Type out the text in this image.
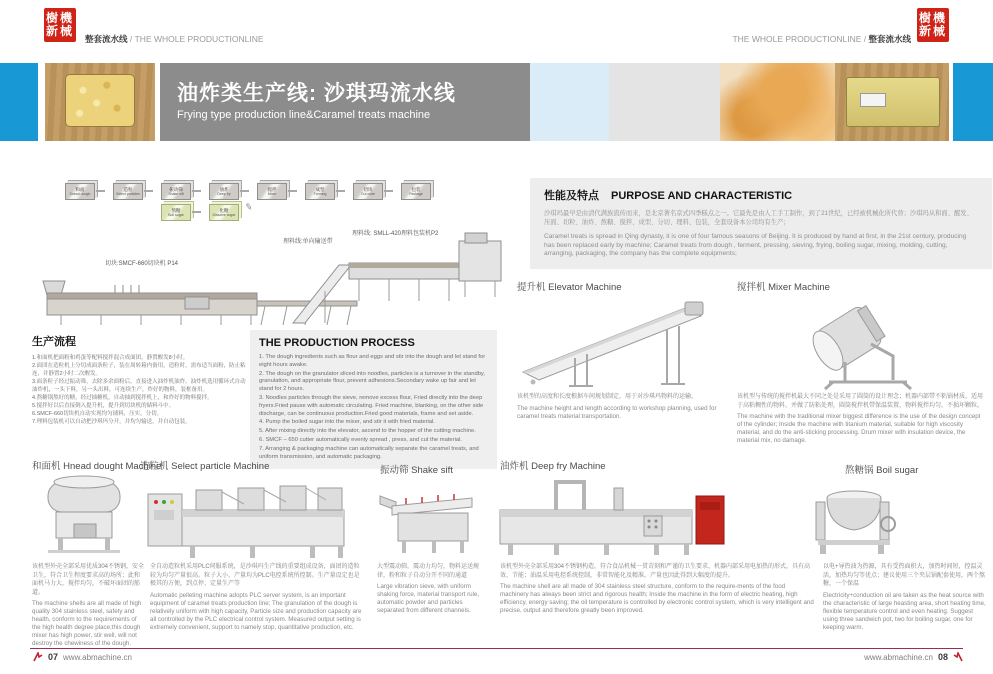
樹機
新械
整套流水线 / THE WHOLE PRODUCTIONLINE	THE WHOLE PRODUCTIONLINE / 整套流水线
樹機
新械
油炸类生产线: 沙琪玛流水线
Frying type production line&Caramel treats machine
和面
Knead dough
造粒
Select particles
振动筛
Shake sift
油炸
Deep fry
搅拌
Mixer
成型
Forming
切块
Cut cube
包装
Package
熬糖
Boil sugar
化糖
Dissolve sugar
✎
切块:SMCF-660切块机 P14
理料线:单向输送带
理料线: SMLL-420理料包装机P2
性能及特点 PURPOSE AND CHARACTERISTIC

沙琪玛最早是由清代满族流传而来，是北京著名京式四季糕点之一。它最先是由人工手工制作，到了21世纪，已经被机械化所代替；沙琪玛从和面、醒发、压面、切粒、油炸、熬糖、搅拌、成型、分切、理料、包装，全套设备本公司均有生产；

Caramel treats is spread in Qing dynasty, it is one of four famous seasons of Beijing. It is produced by hand at first, in the 21st century, producing has been replaced early by machine; Caramel treats from dough , ferment, pressing, sieving, frying, boiling sugar, mixing, molding, cutting, arranging, packaging, the company has the complete equipments;

提升机 Elevator Machine

该机型的高度和长度根据车间规划制定，用于对沙琪玛物料的运输。

The machine height and length according to workshop planning, used for caramel treats material transportation.

搅拌机 Mixer Machine

该机型与传统的搅拌机最大不同之处是采用了圆筒的设计理念；机器内部带不粘锅材质，适用于高粘稠性的物料，并做了防粘处理，圆筒搅拌机带保温装置，物料搅拌均匀，不损坏颗粒。

The machine with the traditional mixer biggest difference is the use of the design concept of the cylinder; Inside the machine with titanium material, suitable for high viscosity material, and do the anti-sticking processing. Drum mixer with insulation device, the material mix, no damage.

生产流程
1.和面机把面粉和鸡蛋等配料搅拌混合成面团，静置醒发8小时。
2.面团在造粒机上分切成面条粒子，装在周转箱内备用，造粒时，需布适当面粉，防止粘连，并静置2小时二次醒发。
3.面条粒子经过振动筛，去除多余面粉后，直接进入油炸机油炸。油炸机选用循环式自动油炸机，一头下料，另一头出料，可连续生产。炸好的物料，装框备用。
4.熬糖锅熬好的糖，经过抽糖机，自动抽到搅拌机上，和炸好的物料搅拌。
5.搅拌好以后直接倒入提升机，提升到切块机的储料斗中。
6.SMCF-660切块机自动实现均匀铺料，压实，分切。
7.理料包装机可以自动把沙琪玛分开，并均匀输送，并自动包装。
THE PRODUCTION PROCESS
1. The dough ingredients such as flour and eggs and stir into the dough and let stand for eight hours awake.
2. The dough on the granulator sliced into noodles, particles is a turnover in the standby, granulation, and appropriate flour, prevent adhesions.Secondary wake up fair and let stand for 2 hours.
3. Noodles particles through the sieve, remove excess flour, Fried directly into the deep fryers.Fried pause with automatic circulating. Fried machine, blanking, on the other side discharge, can be continuous production.Fried good materials, frame and set aside.
4. Pump the boiled sugar into the mixer, and stir it with fried material.
5. After mixing directly into the elevator, ascend to the hopper of the cutting machine.
6. SMCF – 650 cutter automatically evenly spread , press, and cut the material.
7. Arranging & packaging machine can automatically separate the caramel treats, and uniform transmission, and automatic packaging.
和面机 Hnead dought Machine
造粒机 Select particle Machine	振动筛 Shake sift	油炸机 Deep fry Machine	熬糖锅 Boil sugar

该机型外壳全部采用优质304不锈钢，安全卫生，符合卫生程度要求高的场所；此和面机马力大，搅拌均匀，不破坏面团的筋道。

The machine shells are all made of high quality 304 stainless steel, safety and health, conform to the requirements of the high health degree place;this dough mixer has high power, stir well, will not destroy the chewiness of the dough.

全自动造粒机采用PLC伺服系统，是沙琪玛生产线的重要组成设备，面团的造粒较为均匀产量很高。粒子大小、产量均为PLC电控系统所控制。生产量设定也是极其的方便，到点停、定量生产等

Automatic pelleting machine adopts PLC server system, is an important equipment of caramel treats production line; The granulation of the dough is relatively uniform with high capacity, Particle size and production capacity are all controlled by the PLC electrical control system. Measured output setting is extremely convenient, support to namely stop, quantitative production, etc.

大型震动筛，震动力均匀，物料运送规律，粉和粒子自动分开不同的通道

Large vibration sieve, with uniform shaking force, material transport rule, automatic powder and particles separated from different channels.

该机型外壳全部采用304不锈钢构造，符合食品机械一贯苛刻和严谨的卫生要求，机器内部采用电加热的形式，具有高效、节能；油温采用电控系统控制，非常智能化及精准，产量也因此得到大幅度的提升。

The machine shell are all made of 304 stainless steel structure, conform to the require-ments of the food machinery has always been strict and rigorous health; Inside the machine in the form of electric heating, high efficiency, energy saving; the oil temperature is controlled by electronic control system, which is very intelligent and precise, output and therefore greatly been improved.

以电+导热油为热源，具有受热面积大，加热时间短，控温灵活，加热均匀等优点；建议使用三个夹层锅配套使用，两个熬糖，一个保温

Electricity+conduction oil are taken as the heat source with the characteristic of large heasting area, short heating time, flexible temperature control and even heating. Suggest using three sandwich pot, two for boiling sugar, one for keeping warm.

07 www.abmachine.cn	www.abmachine.cn 08
